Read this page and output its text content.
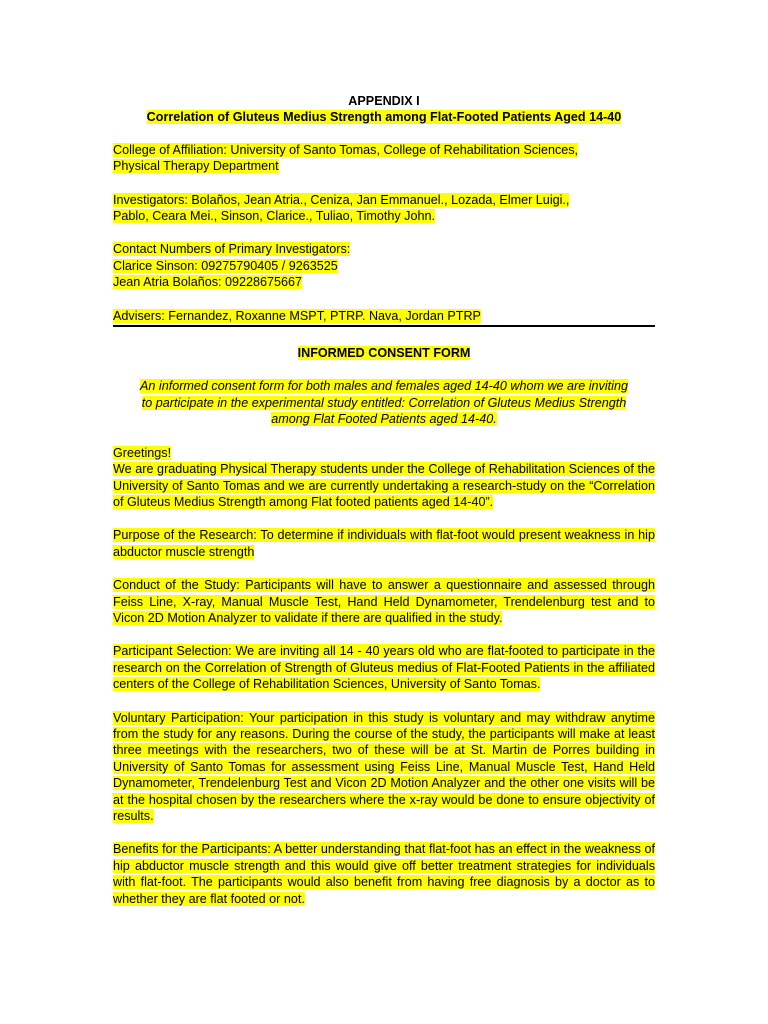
APPENDIX I

Correlation of Gluteus Medius Strength among Flat-Footed Patients Aged 14-40

College of Affiliation: University of Santo Tomas, College of Rehabilitation Sciences,
Physical Therapy Department

Investigators: Bolaños, Jean Atria., Ceniza, Jan Emmanuel., Lozada, Elmer Luigi.,
Pablo, Ceara Mei., Sinson, Clarice., Tuliao, Timothy John.

Contact Numbers of Primary Investigators:
Clarice Sinson: 09275790405 / 9263525
Jean Atria Bolaños: 09228675667

Advisers: Fernandez, Roxanne MSPT, PTRP. Nava, Jordan PTRP

INFORMED CONSENT FORM

An informed consent form for both males and females aged 14-40 whom we are inviting
to participate in the experimental study entitled: Correlation of Gluteus Medius Strength
among Flat Footed Patients aged 14-40.

Greetings!

We are graduating Physical Therapy students under the College of Rehabilitation Sciences of the University of Santo Tomas and we are currently undertaking a research-study on the “Correlation of Gluteus Medius Strength among Flat footed patients aged 14-40”.

Purpose of the Research: To determine if individuals with flat-foot would present weakness in hip abductor muscle strength

Conduct of the Study: Participants will have to answer a questionnaire and assessed through Feiss Line, X-ray, Manual Muscle Test, Hand Held Dynamometer, Trendelenburg test and to Vicon 2D Motion Analyzer to validate if there are qualified in the study.

Participant Selection: We are inviting all 14 - 40 years old who are flat-footed to participate in the research on the Correlation of Strength of Gluteus medius of Flat-Footed Patients in the affiliated centers of the College of Rehabilitation Sciences, University of Santo Tomas.

Voluntary Participation: Your participation in this study is voluntary and may withdraw anytime from the study for any reasons. During the course of the study, the participants will make at least three meetings with the researchers, two of these will be at St. Martin de Porres building in University of Santo Tomas for assessment using Feiss Line, Manual Muscle Test, Hand Held Dynamometer, Trendelenburg Test and Vicon 2D Motion Analyzer and the other one visits will be at the hospital chosen by the researchers where the x-ray would be done to ensure objectivity of results.

Benefits for the Participants: A better understanding that flat-foot has an effect in the weakness of hip abductor muscle strength and this would give off better treatment strategies for individuals with flat-foot. The participants would also benefit from having free diagnosis by a doctor as to whether they are flat footed or not.
